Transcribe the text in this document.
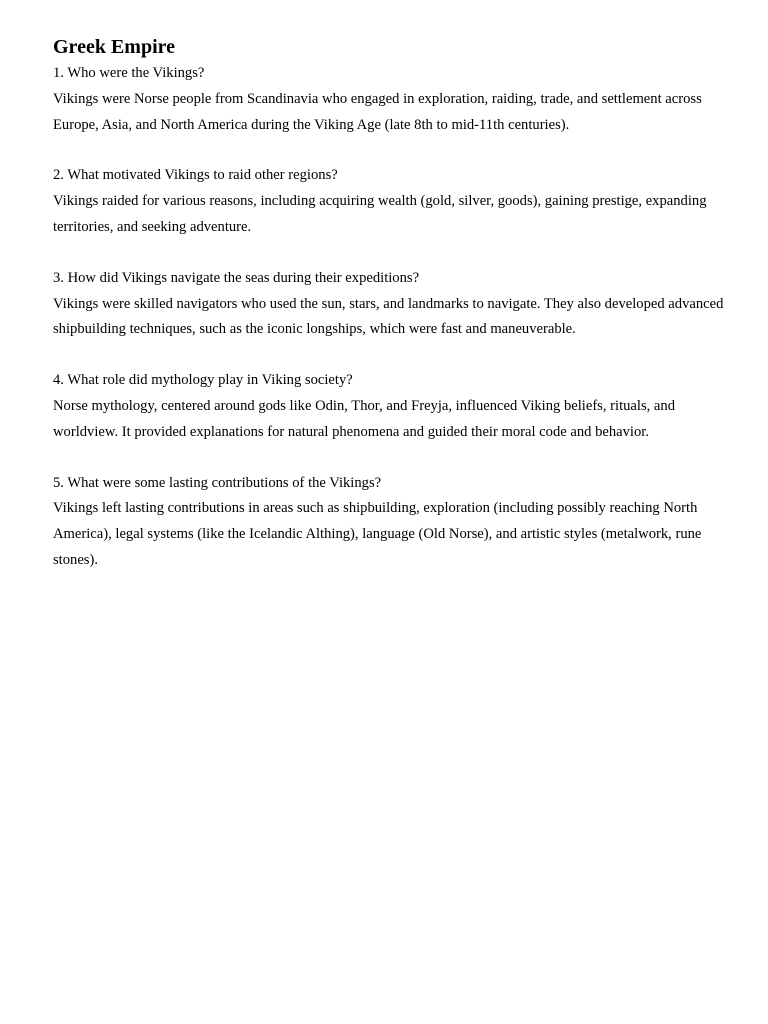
Greek Empire

1. Who were the Vikings?

Vikings were Norse people from Scandinavia who engaged in exploration, raiding, trade, and settlement across Europe, Asia, and North America during the Viking Age (late 8th to mid-11th centuries).

2. What motivated Vikings to raid other regions?

Vikings raided for various reasons, including acquiring wealth (gold, silver, goods), gaining prestige, expanding territories, and seeking adventure.

3. How did Vikings navigate the seas during their expeditions?

Vikings were skilled navigators who used the sun, stars, and landmarks to navigate. They also developed advanced shipbuilding techniques, such as the iconic longships, which were fast and maneuverable.

4. What role did mythology play in Viking society?

Norse mythology, centered around gods like Odin, Thor, and Freyja, influenced Viking beliefs, rituals, and worldview. It provided explanations for natural phenomena and guided their moral code and behavior.

5. What were some lasting contributions of the Vikings?

Vikings left lasting contributions in areas such as shipbuilding, exploration (including possibly reaching North America), legal systems (like the Icelandic Althing), language (Old Norse), and artistic styles (metalwork, rune stones).
